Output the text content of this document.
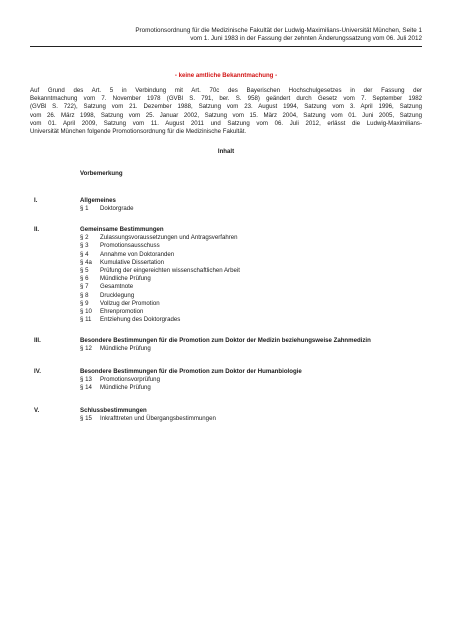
Promotionsordnung für die Medizinische Fakultät der Ludwig-Maximilians-Universität München, Seite 1
vom 1. Juni 1983 in der Fassung der zehnten Änderungssatzung vom 06. Juli 2012
- keine amtliche Bekanntmachung -

Auf Grund des Art. 5 in Verbindung mit Art. 70c des Bayerischen Hochschulgesetzes in der Fassung der
Bekanntmachung vom 7. November 1978 (GVBl S. 791, ber. S. 958) geändert durch Gesetz vom 7. September 1982
(GVBl S. 722), Satzung vom 21. Dezember 1988, Satzung vom 23. August 1994, Satzung vom 3. April 1996, Satzung
vom 26. März 1998, Satzung vom 25. Januar 2002, Satzung vom 15. März 2004, Satzung vom 01. Juni 2005, Satzung
vom 01. April 2009, Satzung vom 11. August 2011 und Satzung vom 06. Juli 2012, erlässt die Ludwig-Maximilians-
Universität München folgende Promotionsordnung für die Medizinische Fakultät.

Inhalt
Vorbemerkung
I.	Allgemeines
§ 1 Doktorgrade
II.	Gemeinsame Bestimmungen
§ 2 Zulassungsvoraussetzungen und Antragsverfahren
§ 3 Promotionsausschuss
§ 4 Annahme von Doktoranden
§ 4a Kumulative Dissertation
§ 5 Prüfung der eingereichten wissenschaftlichen Arbeit
§ 6 Mündliche Prüfung
§ 7 Gesamtnote
§ 8 Drucklegung
§ 9 Vollzug der Promotion
§ 10 Ehrenpromotion
§ 11 Entziehung des Doktorgrades
III.	Besondere Bestimmungen für die Promotion zum Doktor der Medizin beziehungsweise Zahnmedizin
§ 12 Mündliche Prüfung
IV.	Besondere Bestimmungen für die Promotion zum Doktor der Humanbiologie
§ 13 Promotionsvorprüfung
§ 14 Mündliche Prüfung
V.	Schlussbestimmungen
§ 15 Inkrafttreten und Übergangsbestimmungen
